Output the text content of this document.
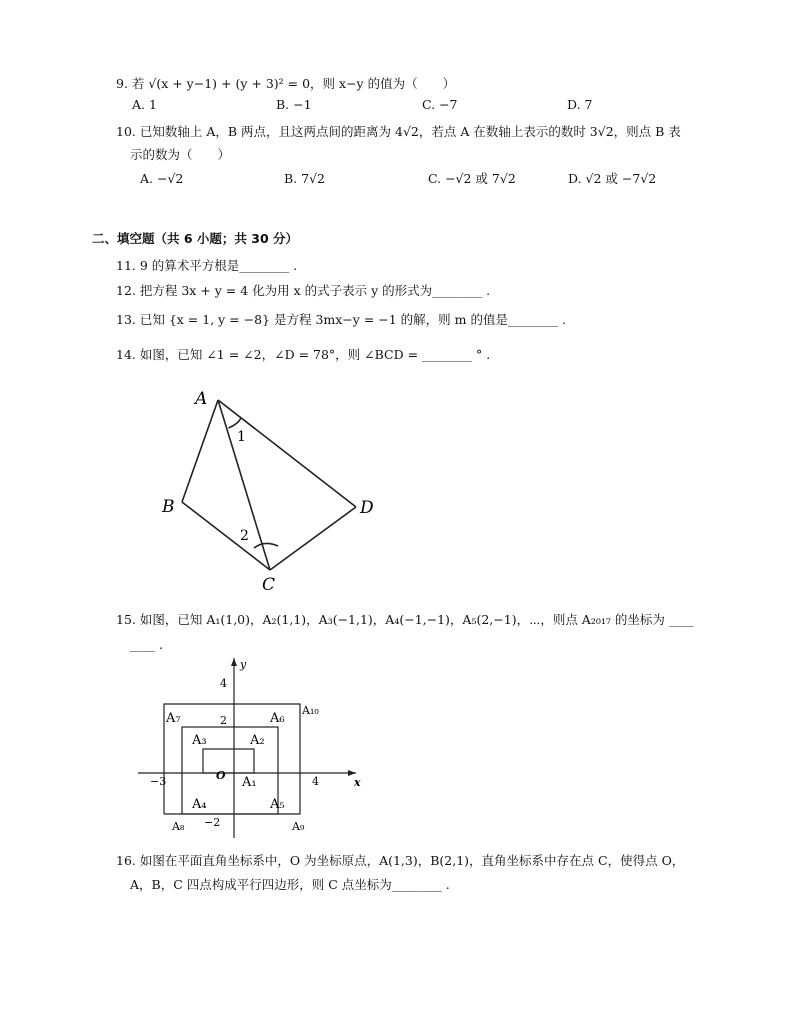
9. 若 √(x + y−1) + (y + 3)² = 0，则 x−y 的值为（　　）
A. 1	B. −1	C. −7	D. 7
10. 已知数轴上 A，B 两点，且这两点间的距离为 4√2，若点 A 在数轴上表示的数时 3√2，则点 B 表
示的数为（　　）
A. −√2	B. 7√2	C. −√2 或 7√2	D. √2 或 −7√2
二、填空题（共 6 小题；共 30 分）
11. 9 的算术平方根是________ .
12. 把方程 3x + y = 4 化为用 x 的式子表示 y 的形式为________ .
13. 已知 {x = 1, y = −8} 是方程 3mx−y = −1 的解，则 m 的值是________ .
14. 如图，已知 ∠1 = ∠2，∠D = 78°，则 ∠BCD = ________ ° .
A
B
C
D
1
2
15. 如图，已知 A₁(1,0)，A₂(1,1)，A₃(−1,1)，A₄(−1,−1)，A₅(2,−1)，⋯，则点 A₂₀₁₇ 的坐标为 ____
____ .
x
y
O
−3	4
4
2
−2
A₁
A₂
A₃
A₄	A₅
A₆
A₇
A₈	A₉
A₁₀
16. 如图在平面直角坐标系中，O 为坐标原点，A(1,3)，B(2,1)，直角坐标系中存在点 C，使得点 O，
A，B，C 四点构成平行四边形，则 C 点坐标为________ .
